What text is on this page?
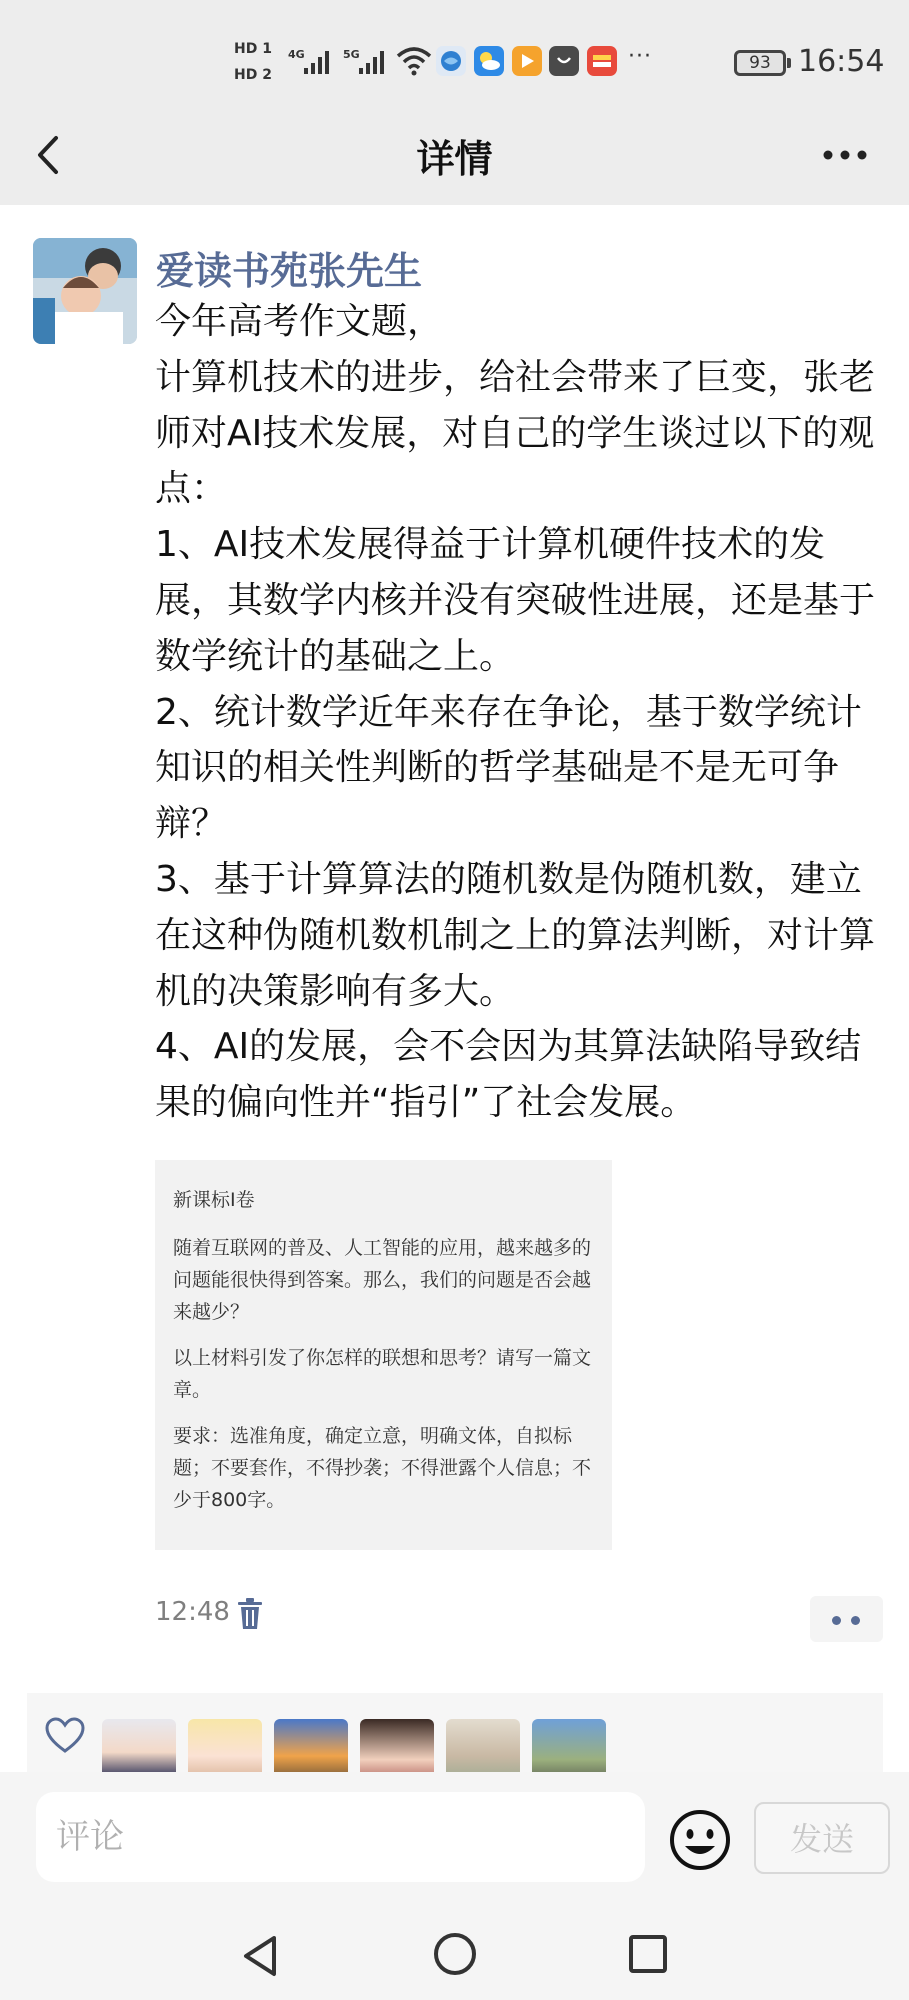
HD 1
HD 2
4G	5G	···	93 16:54
详情
爱读书苑张先生

今年高考作文题，

计算机技术的进步，给社会带来了巨变，张老师对AI技术发展，对自己的学生谈过以下的观点：

1、AI技术发展得益于计算机硬件技术的发展，其数学内核并没有突破性进展，还是基于数学统计的基础之上。

2、统计数学近年来存在争论，基于数学统计知识的相关性判断的哲学基础是不是无可争辩？

3、基于计算算法的随机数是伪随机数，建立在这种伪随机数机制之上的算法判断，对计算机的决策影响有多大。

4、AI的发展，会不会因为其算法缺陷导致结果的偏向性并“指引”了社会发展。

新课标I卷

随着互联网的普及、人工智能的应用，越来越多的问题能很快得到答案。那么，我们的问题是否会越来越少？

以上材料引发了你怎样的联想和思考？请写一篇文章。

要求：选准角度，确定立意，明确文体，自拟标题；不要套作，不得抄袭；不得泄露个人信息；不少于800字。

12:48
评论
发送
